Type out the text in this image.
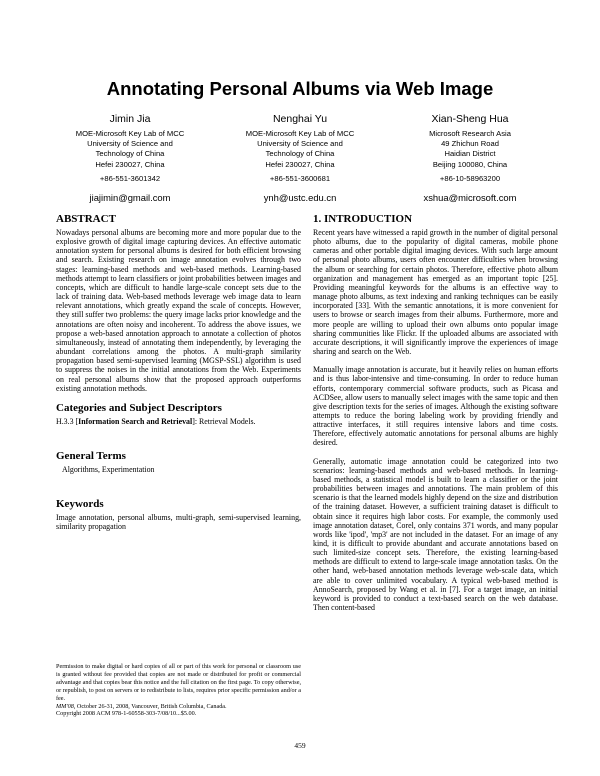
Annotating Personal Albums via Web Image
Jimin Jia
MOE-Microsoft Key Lab of MCC
University of Science and
Technology of China
Hefei 230027, China
+86-551-3601342
jiajimin@gmail.com
Nenghai Yu
MOE-Microsoft Key Lab of MCC
University of Science and
Technology of China
Hefei 230027, China
+86-551-3600681
ynh@ustc.edu.cn
Xian-Sheng Hua
Microsoft Research Asia
49 Zhichun Road
Haidian District
Beijing 100080, China
+86-10-58963200
xshua@microsoft.com
ABSTRACT

Nowadays personal albums are becoming more and more popular due to the explosive growth of digital image capturing devices. An effective automatic annotation system for personal albums is desired for both efficient browsing and search. Existing research on image annotation evolves through two stages: learning-based methods and web-based methods. Learning-based methods attempt to learn classifiers or joint probabilities between images and concepts, which are difficult to handle large-scale concept sets due to the lack of training data. Web-based methods leverage web image data to learn relevant annotations, which greatly expand the scale of concepts. However, they still suffer two problems: the query image lacks prior knowledge and the annotations are often noisy and incoherent. To address the above issues, we propose a web-based annotation approach to annotate a collection of photos simultaneously, instead of annotating them independently, by leveraging the abundant correlations among the photos. A multi-graph similarity propagation based semi-supervised learning (MGSP-SSL) algorithm is used to suppress the noises in the initial annotations from the Web. Experiments on real personal albums show that the proposed approach outperforms existing annotation methods.

Categories and Subject Descriptors

H.3.3 [Information Search and Retrieval]: Retrieval Models.

General Terms

Algorithms, Experimentation

Keywords

Image annotation, personal albums, multi-graph, semi-supervised learning, similarity propagation

Permission to make digital or hard copies of all or part of this work for personal or classroom use is granted without fee provided that copies are not made or distributed for profit or commercial advantage and that copies bear this notice and the full citation on the first page. To copy otherwise, or republish, to post on servers or to redistribute to lists, requires prior specific permission and/or a fee.
MM'08, October 26-31, 2008, Vancouver, British Columbia, Canada.
Copyright 2008 ACM 978-1-60558-303-7/08/10...$5.00.
1. INTRODUCTION

Recent years have witnessed a rapid growth in the number of digital personal photo albums, due to the popularity of digital cameras, mobile phone cameras and other portable digital imaging devices. With such large amount of personal photo albums, users often encounter difficulties when browsing the album or searching for certain photos. Therefore, effective photo album organization and management has emerged as an important topic [25]. Providing meaningful keywords for the albums is an effective way to manage photo albums, as text indexing and ranking techniques can be easily incorporated [33]. With the semantic annotations, it is more convenient for users to browse or search images from their albums. Furthermore, more and more people are willing to upload their own albums onto popular image sharing communities like Flickr. If the uploaded albums are associated with accurate descriptions, it will significantly improve the experiences of image sharing and search on the Web.

Manually image annotation is accurate, but it heavily relies on human efforts and is thus labor-intensive and time-consuming. In order to reduce human efforts, contemporary commercial software products, such as Picasa and ACDSee, allow users to manually select images with the same topic and then give description texts for the series of images. Although the existing software attempts to reduce the boring labeling work by providing friendly and attractive interfaces, it still requires intensive labors and time costs. Therefore, effectively automatic annotations for personal albums are highly desired.

Generally, automatic image annotation could be categorized into two scenarios: learning-based methods and web-based methods. In learning-based methods, a statistical model is built to learn a classifier or the joint probabilities between images and annotations. The main problem of this scenario is that the learned models highly depend on the size and distribution of the training dataset. However, a sufficient training dataset is difficult to obtain since it requires high labor costs. For example, the commonly used image annotation dataset, Corel, only contains 371 words, and many popular words like 'ipod', 'mp3' are not included in the dataset. For an image of any kind, it is difficult to provide abundant and accurate annotations based on such limited-size concept sets. Therefore, the existing learning-based methods are difficult to extend to large-scale image annotation tasks. On the other hand, web-based annotation methods leverage web-scale data, which are able to cover unlimited vocabulary. A typical web-based method is AnnoSearch, proposed by Wang et al. in [7]. For a target image, an initial keyword is provided to conduct a text-based search on the web database. Then content-based

459
